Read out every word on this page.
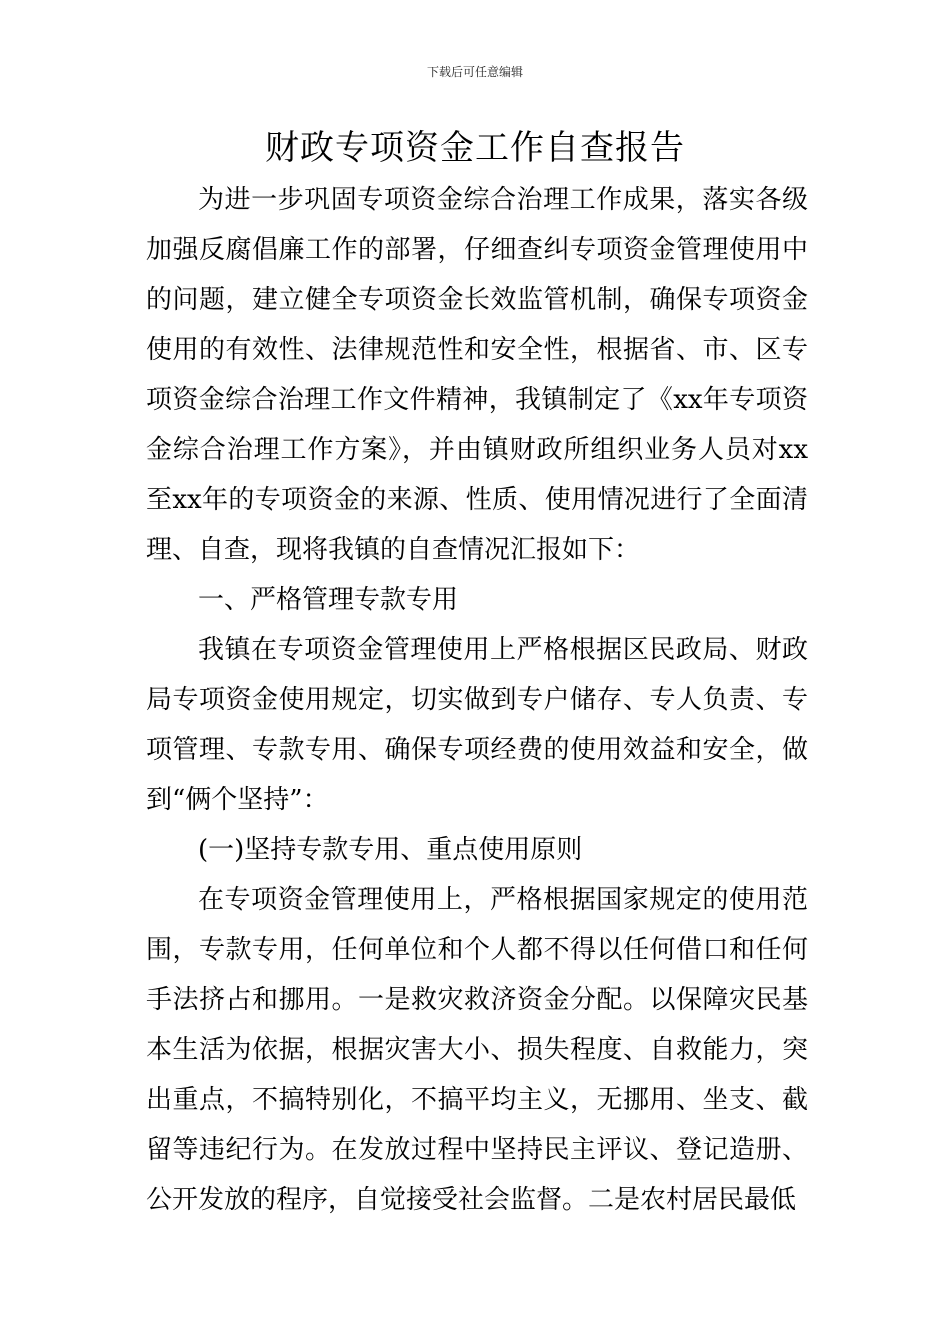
下载后可任意编辑
财政专项资金工作自查报告

为进一步巩固专项资金综合治理工作成果，落实各级加强反腐倡廉工作的部署，仔细查纠专项资金管理使用中的问题，建立健全专项资金长效监管机制，确保专项资金使用的有效性、法律规范性和安全性，根据省、市、区专项资金综合治理工作文件精神，我镇制定了《xx年专项资金综合治理工作方案》，并由镇财政所组织业务人员对xx至xx年的专项资金的来源、性质、使用情况进行了全面清理、自查，现将我镇的自查情况汇报如下：

一、严格管理专款专用

我镇在专项资金管理使用上严格根据区民政局、财政局专项资金使用规定，切实做到专户储存、专人负责、专项管理、专款专用、确保专项经费的使用效益和安全，做到“俩个坚持”：

(一)坚持专款专用、重点使用原则

在专项资金管理使用上，严格根据国家规定的使用范围，专款专用，任何单位和个人都不得以任何借口和任何手法挤占和挪用。一是救灾救济资金分配。以保障灾民基本生活为依据，根据灾害大小、损失程度、自救能力，突出重点，不搞特别化，不搞平均主义，无挪用、坐支、截留等违纪行为。在发放过程中坚持民主评议、登记造册、公开发放的程序，自觉接受社会监督。二是农村居民最低
